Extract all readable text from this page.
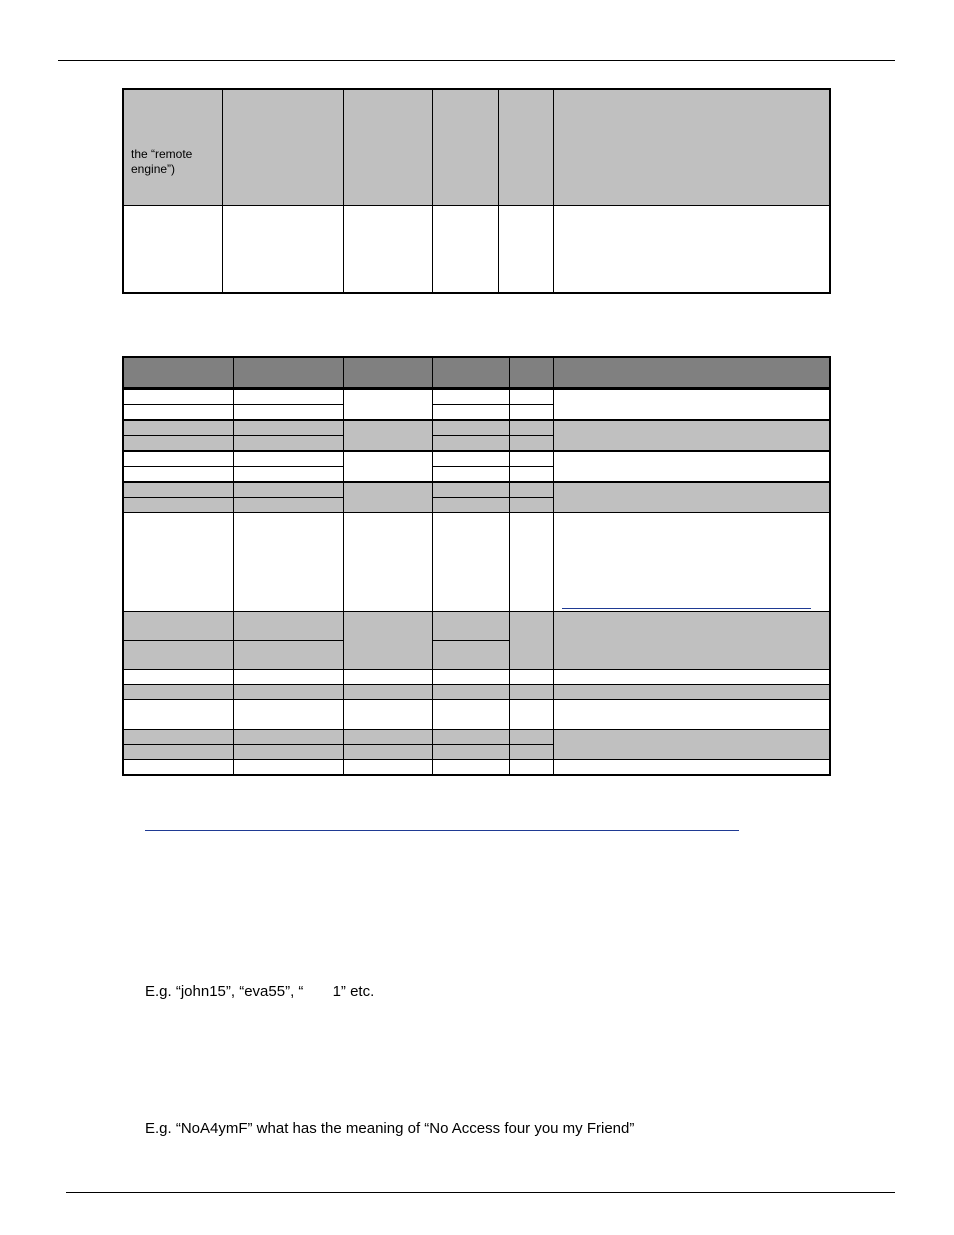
the “remote
engine”)					

E.g. “john15”, “eva55”, “       1” etc.
E.g. “NoA4ymF” what has the meaning of “No Access four you my Friend”
